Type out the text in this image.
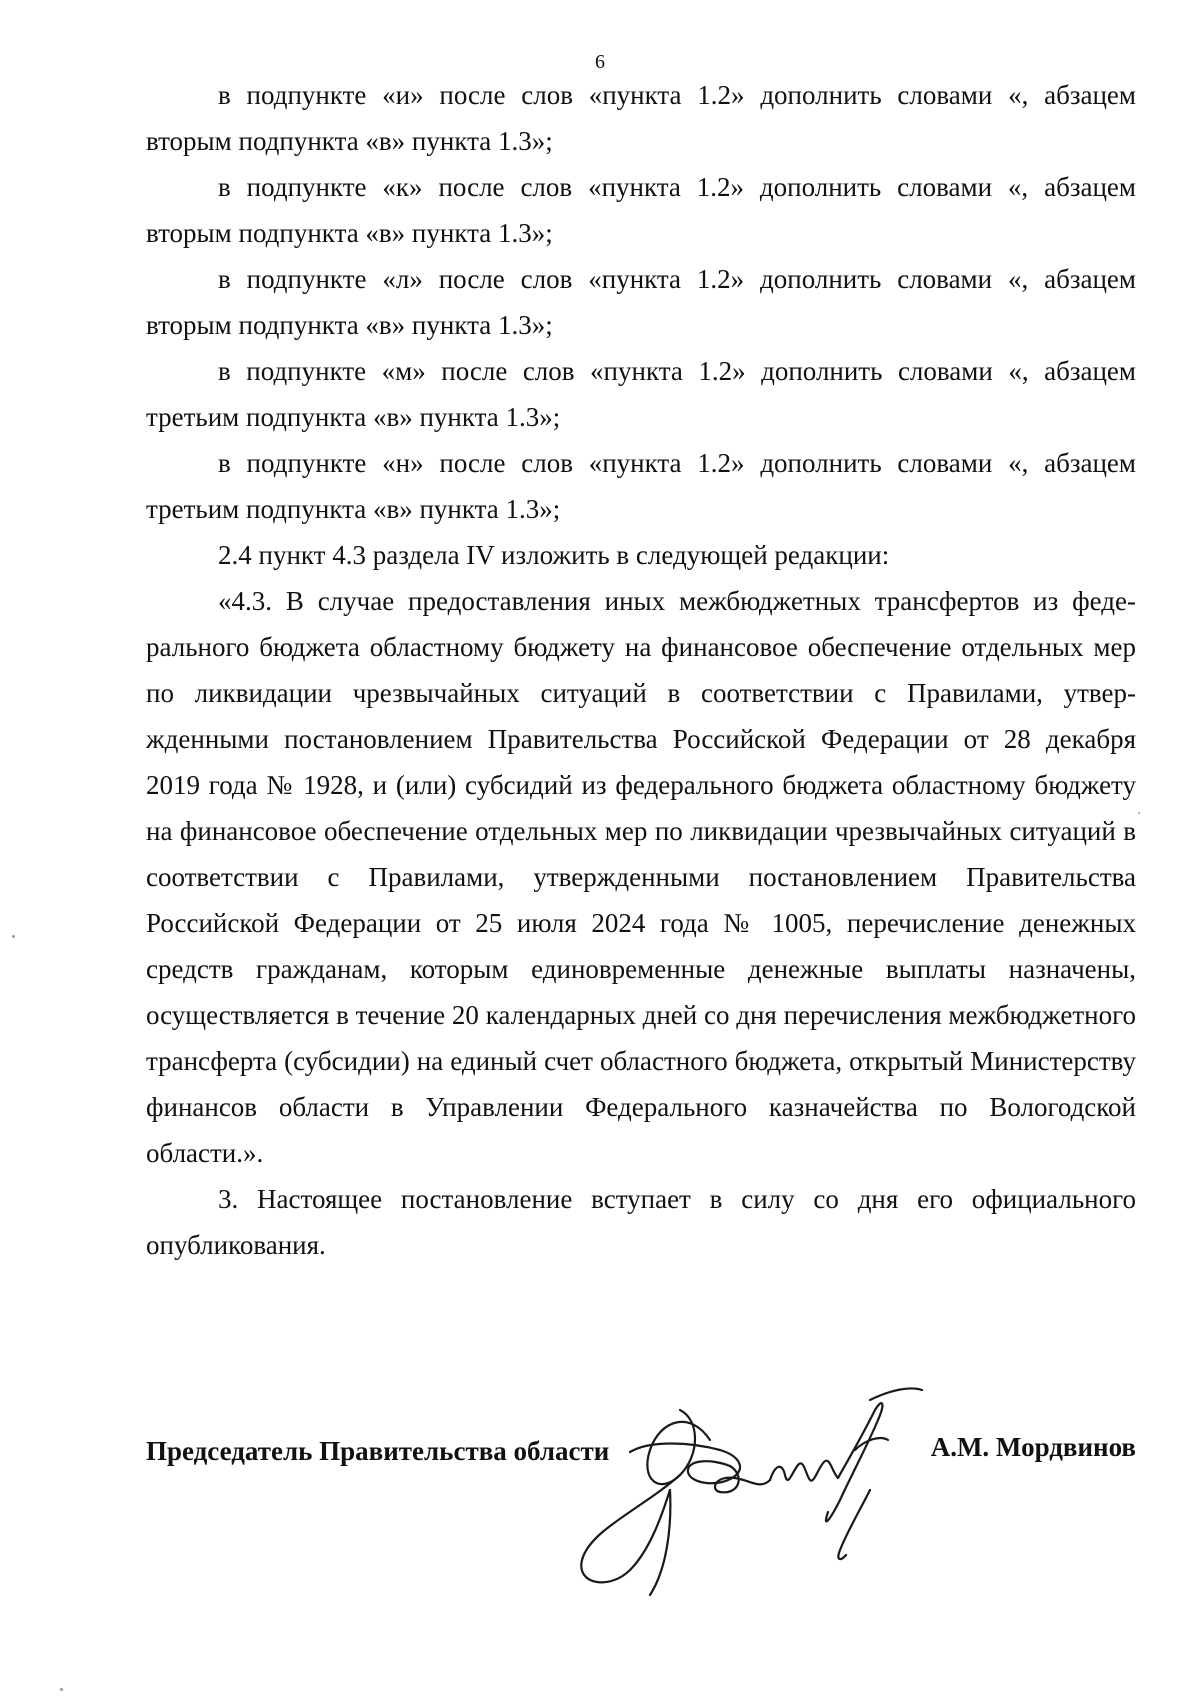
6

в подпункте «и» после слов «пункта 1.2» дополнить словами «, абзацем вторым подпункта «в» пункта 1.3»;

в подпункте «к» после слов «пункта 1.2» дополнить словами «, абзацем вторым подпункта «в» пункта 1.3»;

в подпункте «л» после слов «пункта 1.2» дополнить словами «, абзацем вторым подпункта «в» пункта 1.3»;

в подпункте «м» после слов «пункта 1.2» дополнить словами «, абзацем третьим подпункта «в» пункта 1.3»;

в подпункте «н» после слов «пункта 1.2» дополнить словами «, абзацем третьим подпункта «в» пункта 1.3»;

2.4 пункт 4.3 раздела IV изложить в следующей редакции:

«4.3. В случае предоставления иных межбюджетных трансфертов из федерального бюджета областному бюджету на финансовое обеспечение отдельных мер по ликвидации чрезвычайных ситуаций в соответствии с Правилами, утвержденными постановлением Правительства Российской Федерации от 28 декабря 2019 года № 1928, и (или) субсидий из федерального бюджета областному бюджету на финансовое обеспечение отдельных мер по ликвидации чрезвычайных ситуаций в соответствии с Правилами, утвержденными постановлением Правительства Российской Федерации от 25 июля 2024 года № 1005, перечисление денежных средств гражданам, которым единовременные денежные выплаты назначены, осуществляется в течение 20 календарных дней со дня перечисления межбюджетного трансферта (субсидии) на единый счет областного бюджета, открытый Министерству финансов области в Управлении Федерального казначейства по Вологодской области.».

3. Настоящее постановление вступает в силу со дня его официального опубликования.

Председатель Правительства области	А.М. Мордвинов
